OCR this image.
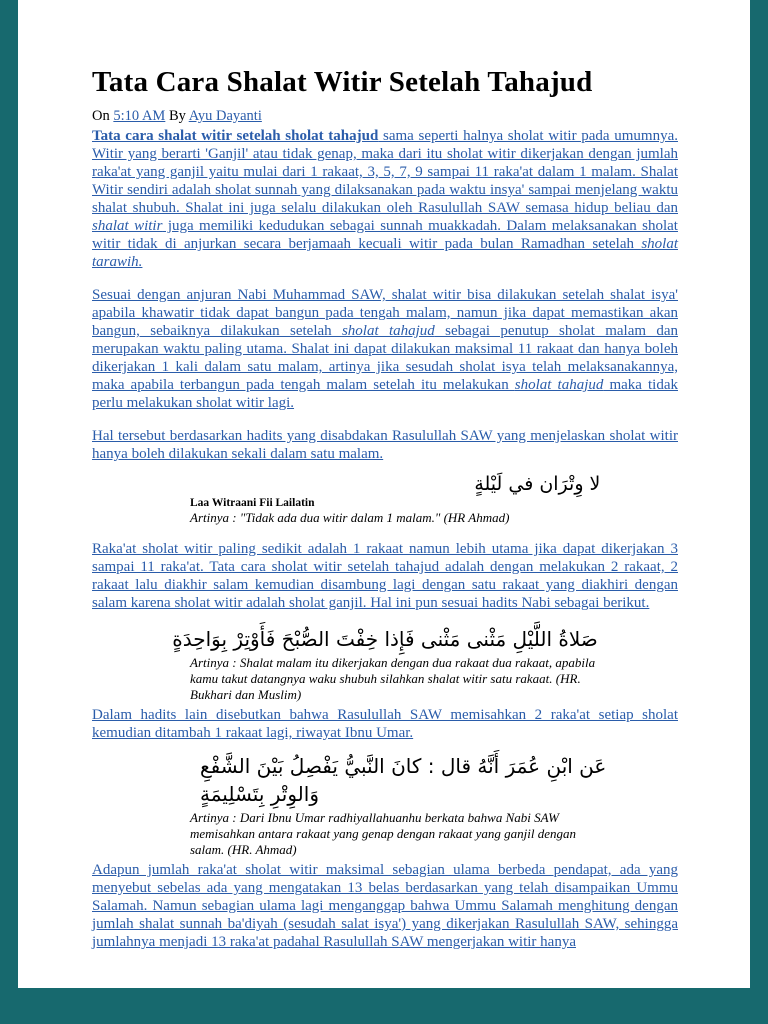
Tata Cara Shalat Witir Setelah Tahajud
On 5:10 AM By Ayu Dayanti

Tata cara shalat witir setelah sholat tahajud sama seperti halnya sholat witir pada umumnya. Witir yang berarti 'Ganjil' atau tidak genap, maka dari itu sholat witir dikerjakan dengan jumlah raka'at yang ganjil yaitu mulai dari 1 rakaat, 3, 5, 7, 9 sampai 11 raka'at dalam 1 malam. Shalat Witir sendiri adalah sholat sunnah yang dilaksanakan pada waktu insya' sampai menjelang waktu shalat shubuh. Shalat ini juga selalu dilakukan oleh Rasulullah SAW semasa hidup beliau dan shalat witir juga memiliki kedudukan sebagai sunnah muakkadah. Dalam melaksanakan sholat witir tidak di anjurkan secara berjamaah kecuali witir pada bulan Ramadhan setelah sholat tarawih.

Sesuai dengan anjuran Nabi Muhammad SAW, shalat witir bisa dilakukan setelah shalat isya' apabila khawatir tidak dapat bangun pada tengah malam, namun jika dapat memastikan akan bangun, sebaiknya dilakukan setelah sholat tahajud sebagai penutup sholat malam dan merupakan waktu paling utama. Shalat ini dapat dilakukan maksimal 11 rakaat dan hanya boleh dikerjakan 1 kali dalam satu malam, artinya jika sesudah sholat isya telah melaksanakannya, maka apabila terbangun pada tengah malam setelah itu melakukan sholat tahajud maka tidak perlu melakukan sholat witir lagi.

Hal tersebut berdasarkan hadits yang disabdakan Rasulullah SAW yang menjelaskan sholat witir hanya boleh dilakukan sekali dalam satu malam.

لا وِتْرَان في لَيْلةٍ
Laa Witraani Fii Lailatin
Artinya : "Tidak ada dua witir dalam 1 malam." (HR Ahmad)

Raka'at sholat witir paling sedikit adalah 1 rakaat namun lebih utama jika dapat dikerjakan 3 sampai 11 raka'at. Tata cara sholat witir setelah tahajud adalah dengan melakukan 2 rakaat, 2 rakaat lalu diakhir salam kemudian disambung lagi dengan satu rakaat yang diakhiri dengan salam karena sholat witir adalah sholat ganjil. Hal ini pun sesuai hadits Nabi sebagai berikut.

صَلاةُ اللَّيْلِ مَثْنى مَثْنى فَإِذا خِفْتَ الصُّبْحَ فَأَوْتِرْ بِوَاحِدَةٍ
Artinya : Shalat malam itu dikerjakan dengan dua rakaat dua rakaat, apabila kamu takut datangnya waku shubuh silahkan shalat witir satu rakaat. (HR. Bukhari dan Muslim)

Dalam hadits lain disebutkan bahwa Rasulullah SAW memisahkan 2 raka'at setiap sholat kemudian ditambah 1 rakaat lagi, riwayat Ibnu Umar.

عَن ابْنِ عُمَرَ أَنَّهُ قال : كانَ النَّبيُّ يَفْصِلُ بَيْنَ الشَّفْعِ وَالوِتْرِ بِتَسْلِيمَةٍ
Artinya : Dari Ibnu Umar radhiyallahuanhu berkata bahwa Nabi SAW memisahkan antara rakaat yang genap dengan rakaat yang ganjil dengan salam. (HR. Ahmad)

Adapun jumlah raka'at sholat witir maksimal sebagian ulama berbeda pendapat, ada yang menyebut sebelas ada yang mengatakan 13 belas berdasarkan yang telah disampaikan Ummu Salamah. Namun sebagian ulama lagi menganggap bahwa Ummu Salamah menghitung dengan jumlah shalat sunnah ba'diyah (sesudah salat isya') yang dikerjakan Rasulullah SAW, sehingga jumlahnya menjadi 13 raka'at padahal Rasulullah SAW mengerjakan witir hanya
